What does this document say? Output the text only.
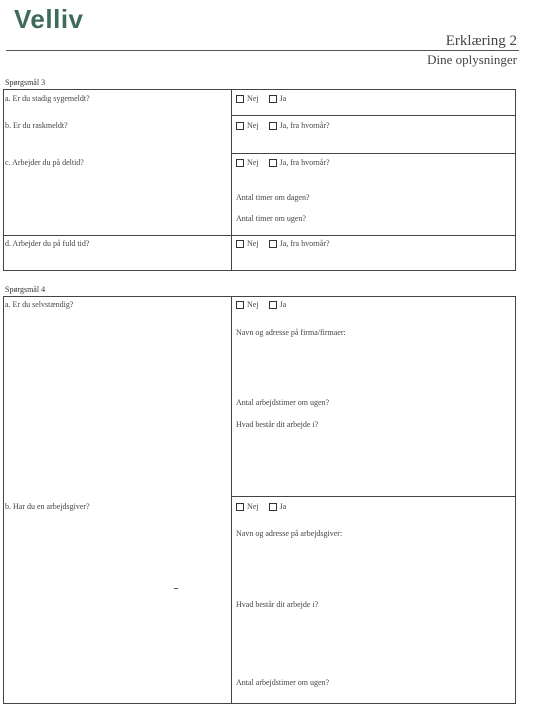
Velliv
Erklæring 2
Dine oplysninger
Spørgsmål 3
a. Er du stadig sygemeldt?	Nej	Ja
b. Er du raskmeldt?	Nej	Ja, fra hvornår?
c. Arbejder du på deltid?	Nej	Ja, fra hvornår?
Antal timer om dagen?
Antal timer om ugen?
d. Arbejder du på fuld tid?	Nej	Ja, fra hvornår?
Spørgsmål 4
a. Er du selvstændig?	Nej	Ja
Navn og adresse på firma/firmaer:
Antal arbejdstimer om ugen?
Hvad består dit arbejde i?
b. Har du en arbejdsgiver?	Nej	Ja
Navn og adresse på arbejdsgiver:
Hvad består dit arbejde i?
Antal arbejdstimer om ugen?
